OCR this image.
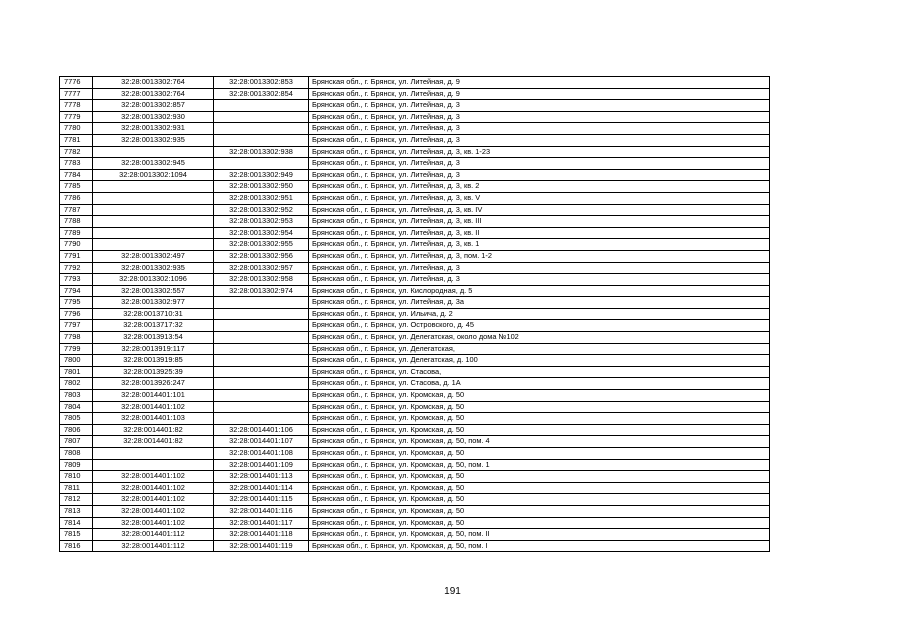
7776	32:28:0013302:764	32:28:0013302:853	Брянская обл., г. Брянск, ул. Литейная, д. 9
7777	32:28:0013302:764	32:28:0013302:854	Брянская обл., г. Брянск, ул. Литейная, д. 9
7778	32:28:0013302:857		Брянская обл., г. Брянск, ул. Литейная, д. 3
7779	32:28:0013302:930		Брянская обл., г. Брянск, ул. Литейная, д. 3
7780	32:28:0013302:931		Брянская обл., г. Брянск, ул. Литейная, д. 3
7781	32:28:0013302:935		Брянская обл., г. Брянск, ул. Литейная, д. 3
7782		32:28:0013302:938	Брянская обл., г. Брянск, ул. Литейная, д. 3, кв. 1-23
7783	32:28:0013302:945		Брянская обл., г. Брянск, ул. Литейная, д. 3
7784	32:28:0013302:1094	32:28:0013302:949	Брянская обл., г. Брянск, ул. Литейная, д. 3
7785		32:28:0013302:950	Брянская обл., г. Брянск, ул. Литейная, д. 3, кв. 2
7786		32:28:0013302:951	Брянская обл., г. Брянск, ул. Литейная, д. 3, кв. V
7787		32:28:0013302:952	Брянская обл., г. Брянск, ул. Литейная, д. 3, кв. IV
7788		32:28:0013302:953	Брянская обл., г. Брянск, ул. Литейная, д. 3, кв. III
7789		32:28:0013302:954	Брянская обл., г. Брянск, ул. Литейная, д. 3, кв. II
7790		32:28:0013302:955	Брянская обл., г. Брянск, ул. Литейная, д. 3, кв. 1
7791	32:28:0013302:497	32:28:0013302:956	Брянская обл., г. Брянск, ул. Литейная, д. 3, пом. 1-2
7792	32:28:0013302:935	32:28:0013302:957	Брянская обл., г. Брянск, ул. Литейная, д. 3
7793	32:28:0013302:1096	32:28:0013302:958	Брянская обл., г. Брянск, ул. Литейная, д. 3
7794	32:28:0013302:557	32:28:0013302:974	Брянская обл., г. Брянск, ул. Кислородная, д. 5
7795	32:28:0013302:977		Брянская обл., г. Брянск, ул. Литейная, д. 3а
7796	32:28:0013710:31		Брянская обл., г. Брянск, ул. Ильича, д. 2
7797	32:28:0013717:32		Брянская обл., г. Брянск, ул. Островского, д. 45
7798	32:28:0013913:54		Брянская обл., г. Брянск, ул. Делегатская, около дома №102
7799	32:28:0013919:117		Брянская обл., г. Брянск, ул. Делегатская,
7800	32:28:0013919:85		Брянская обл., г. Брянск, ул. Делегатская, д. 100
7801	32:28:0013925:39		Брянская обл., г. Брянск, ул. Стасова,
7802	32:28:0013926:247		Брянская обл., г. Брянск, ул. Стасова, д. 1А
7803	32:28:0014401:101		Брянская обл., г. Брянск, ул. Кромская, д. 50
7804	32:28:0014401:102		Брянская обл., г. Брянск, ул. Кромская, д. 50
7805	32:28:0014401:103		Брянская обл., г. Брянск, ул. Кромская, д. 50
7806	32:28:0014401:82	32:28:0014401:106	Брянская обл., г. Брянск, ул. Кромская, д. 50
7807	32:28:0014401:82	32:28:0014401:107	Брянская обл., г. Брянск, ул. Кромская, д. 50, пом. 4
7808		32:28:0014401:108	Брянская обл., г. Брянск, ул. Кромская, д. 50
7809		32:28:0014401:109	Брянская обл., г. Брянск, ул. Кромская, д. 50, пом. 1
7810	32:28:0014401:102	32:28:0014401:113	Брянская обл., г. Брянск, ул. Кромская, д. 50
7811	32:28:0014401:102	32:28:0014401:114	Брянская обл., г. Брянск, ул. Кромская, д. 50
7812	32:28:0014401:102	32:28:0014401:115	Брянская обл., г. Брянск, ул. Кромская, д. 50
7813	32:28:0014401:102	32:28:0014401:116	Брянская обл., г. Брянск, ул. Кромская, д. 50
7814	32:28:0014401:102	32:28:0014401:117	Брянская обл., г. Брянск, ул. Кромская, д. 50
7815	32:28:0014401:112	32:28:0014401:118	Брянская обл., г. Брянск, ул. Кромская, д. 50, пом. II
7816	32:28:0014401:112	32:28:0014401:119	Брянская обл., г. Брянск, ул. Кромская, д. 50, пом. I
191
